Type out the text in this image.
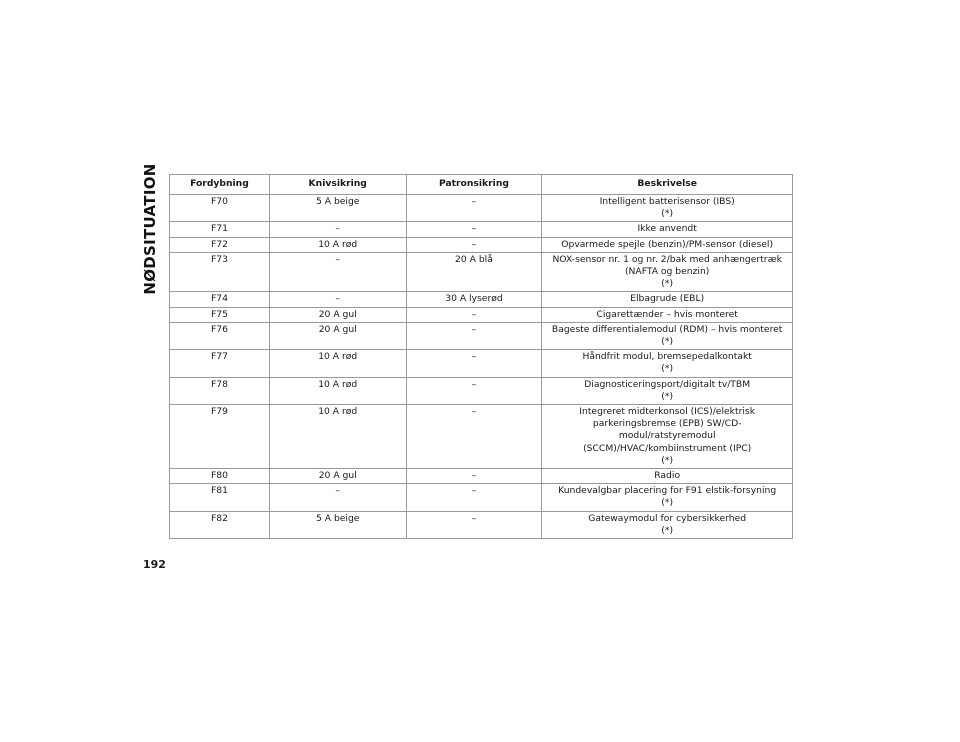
NØDSITUATION	Fordybning	Knivsikring	Patronsikring	Beskrivelse
F70	5 A beige	–	Intelligent batterisensor (IBS)
(*)

F71	–	–	Ikke anvendt

F72	10 A rød	–	Opvarmede spejle (benzin)/PM-sensor (diesel)

F73	–	20 A blå	NOX-sensor nr. 1 og nr. 2/bak med anhængertræk
(NAFTA og benzin)
(*)

F74	–	30 A lyserød	Elbagrude (EBL)

F75	20 A gul	–	Cigarettænder – hvis monteret

F76	20 A gul	–	Bageste differentialemodul (RDM) – hvis monteret
(*)

F77	10 A rød	–	Håndfrit modul, bremsepedalkontakt
(*)

F78	10 A rød	–	Diagnosticeringsport/digitalt tv/TBM
(*)

F79	10 A rød	–	Integreret midterkonsol (ICS)/elektrisk
parkeringsbremse (EPB) SW/CD-modul/ratstyremodul
(SCCM)/HVAC/kombiinstrument (IPC)
(*)

F80	20 A gul	–	Radio

F81	–	–	Kundevalgbar placering for F91 elstik-forsyning
(*)

F82	5 A beige	–	Gatewaymodul for cybersikkerhed
(*)
192
